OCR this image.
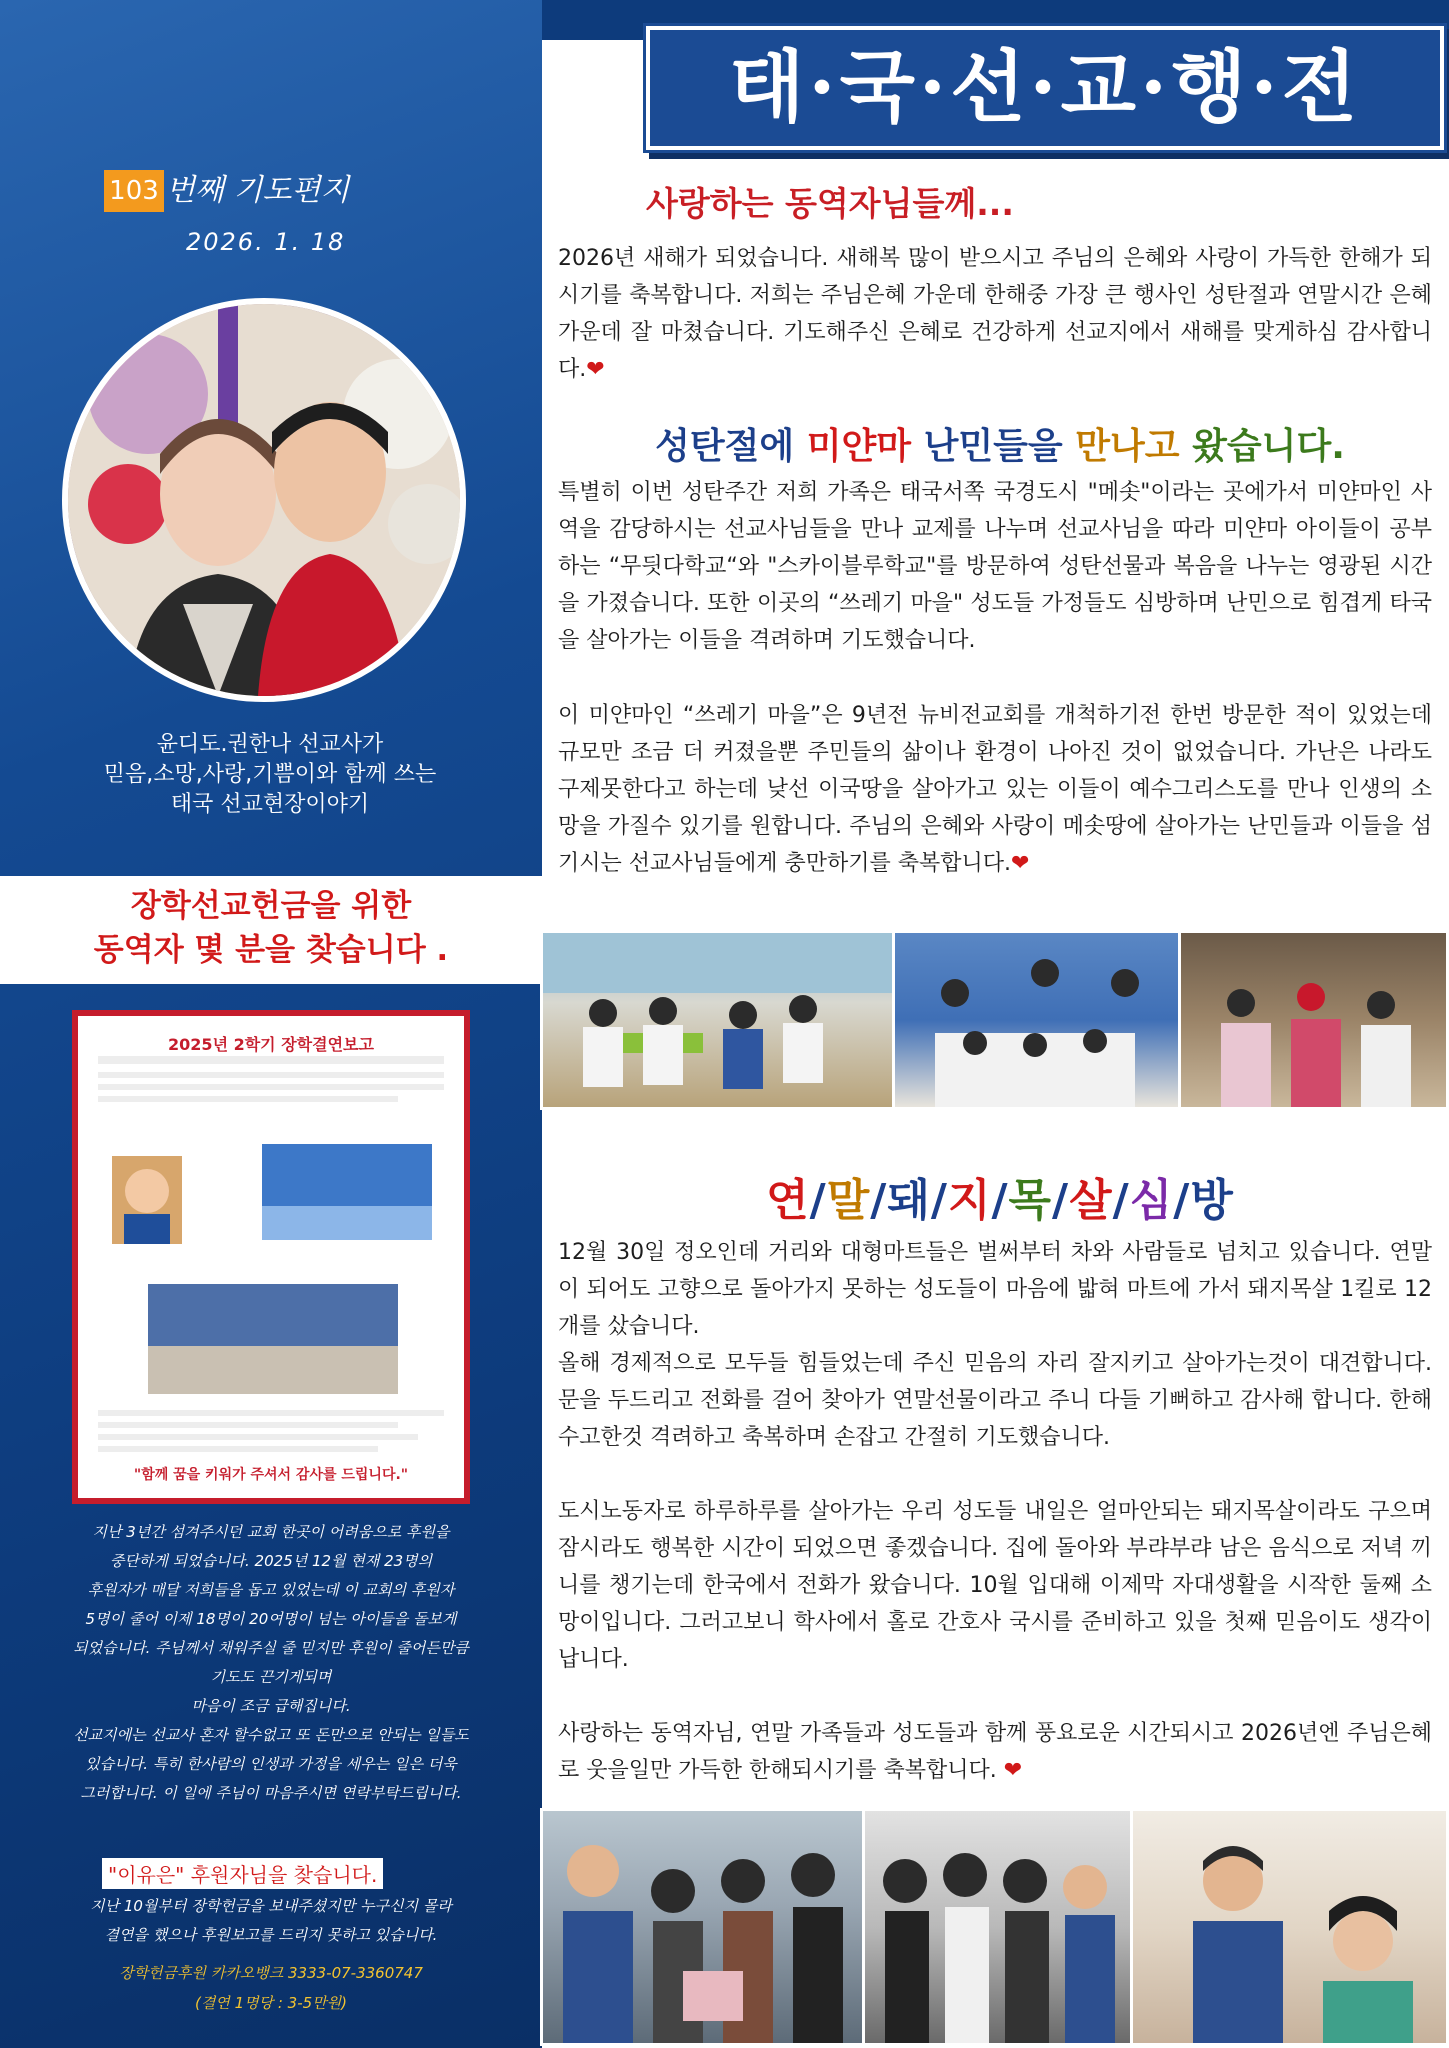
태·국·선·교·행·전
103 번째 기도편지
2026. 1. 18
윤디도.권한나 선교사가
믿음,소망,사랑,기쁨이와 함께 쓰는
태국 선교현장이야기
장학선교헌금을 위한
동역자 몇 분을 찾습니다 .
"함께 꿈을 키워가 주셔서 감사를 드립니다."
2025년 2학기 장학결연보고
지난 3년간 섬겨주시던 교회 한곳이 어려움으로 후원을
중단하게 되었습니다. 2025년 12월 현재 23명의
후원자가 매달 저희들을 돕고 있었는데 이 교회의 후원자
5명이 줄어 이제 18명이 20여명이 넘는 아이들을 돌보게
되었습니다. 주님께서 채워주실 줄 믿지만 후원이 줄어든만큼
기도도 끈기게되며
마음이 조금 급해집니다.
선교지에는 선교사 혼자 할수없고 또 돈만으로 안되는 일들도
있습니다. 특히 한사람의 인생과 가정을 세우는 일은 더욱
그러합니다. 이 일에 주님이 마음주시면 연락부탁드립니다.
"이유은" 후원자님을 찾습니다.
지난 10월부터 장학헌금을 보내주셨지만 누구신지 몰라
결연을 했으나 후원보고를 드리지 못하고 있습니다.
장학헌금후원 카카오뱅크 3333-07-3360747
(결연 1명당 : 3-5만원)
사랑하는 동역자님들께...
2026년 새해가 되었습니다. 새해복 많이 받으시고 주님의 은혜와 사랑이 가득한 한해가 되시기를 축복합니다. 저희는 주님은혜 가운데 한해중 가장 큰 행사인 성탄절과 연말시간 은혜가운데 잘 마쳤습니다. 기도해주신 은혜로 건강하게 선교지에서 새해를 맞게하심 감사합니다.❤
성탄절에 미얀마 난민들을 만나고 왔습니다.
특별히 이번 성탄주간 저희 가족은 태국서쪽 국경도시 "메솟"이라는 곳에가서 미얀마인 사역을 감당하시는 선교사님들을 만나 교제를 나누며 선교사님을 따라 미얀마 아이들이 공부하는 “무딋다학교“와 "스카이블루학교"를 방문하여 성탄선물과 복음을 나누는 영광된 시간을 가졌습니다. 또한 이곳의 “쓰레기 마을" 성도들 가정들도 심방하며 난민으로 힘겹게 타국을 살아가는 이들을 격려하며 기도했습니다.
이 미얀마인 “쓰레기 마을”은 9년전 뉴비전교회를 개척하기전 한번 방문한 적이 있었는데 규모만 조금 더 커졌을뿐 주민들의 삶이나 환경이 나아진 것이 없었습니다. 가난은 나라도 구제못한다고 하는데 낮선 이국땅을 살아가고 있는 이들이 예수그리스도를 만나 인생의 소망을 가질수 있기를 원합니다. 주님의 은혜와 사랑이 메솟땅에 살아가는 난민들과 이들을 섬기시는 선교사님들에게 충만하기를 축복합니다.❤
연/말/돼/지/목/살/심/방
12월 30일 정오인데 거리와 대형마트들은 벌써부터 차와 사람들로 넘치고 있습니다. 연말이 되어도 고향으로 돌아가지 못하는 성도들이 마음에 밟혀 마트에 가서 돼지목살 1킬로 12개를 샀습니다.
올해 경제적으로 모두들 힘들었는데 주신 믿음의 자리 잘지키고 살아가는것이 대견합니다. 문을 두드리고 전화를 걸어 찾아가 연말선물이라고 주니 다들 기뻐하고 감사해 합니다. 한해 수고한것 격려하고 축복하며 손잡고 간절히 기도했습니다.
도시노동자로 하루하루를 살아가는 우리 성도들 내일은 얼마안되는 돼지목살이라도 구으며 잠시라도 행복한 시간이 되었으면 좋겠습니다. 집에 돌아와 부랴부랴 남은 음식으로 저녁 끼니를 챙기는데 한국에서 전화가 왔습니다. 10월 입대해 이제막 자대생활을 시작한 둘째 소망이입니다. 그러고보니 학사에서 홀로 간호사 국시를 준비하고 있을 첫째 믿음이도 생각이 납니다.
사랑하는 동역자님, 연말 가족들과 성도들과 함께 풍요로운 시간되시고 2026년엔 주님은혜로 웃을일만 가득한 한해되시기를 축복합니다. ❤
